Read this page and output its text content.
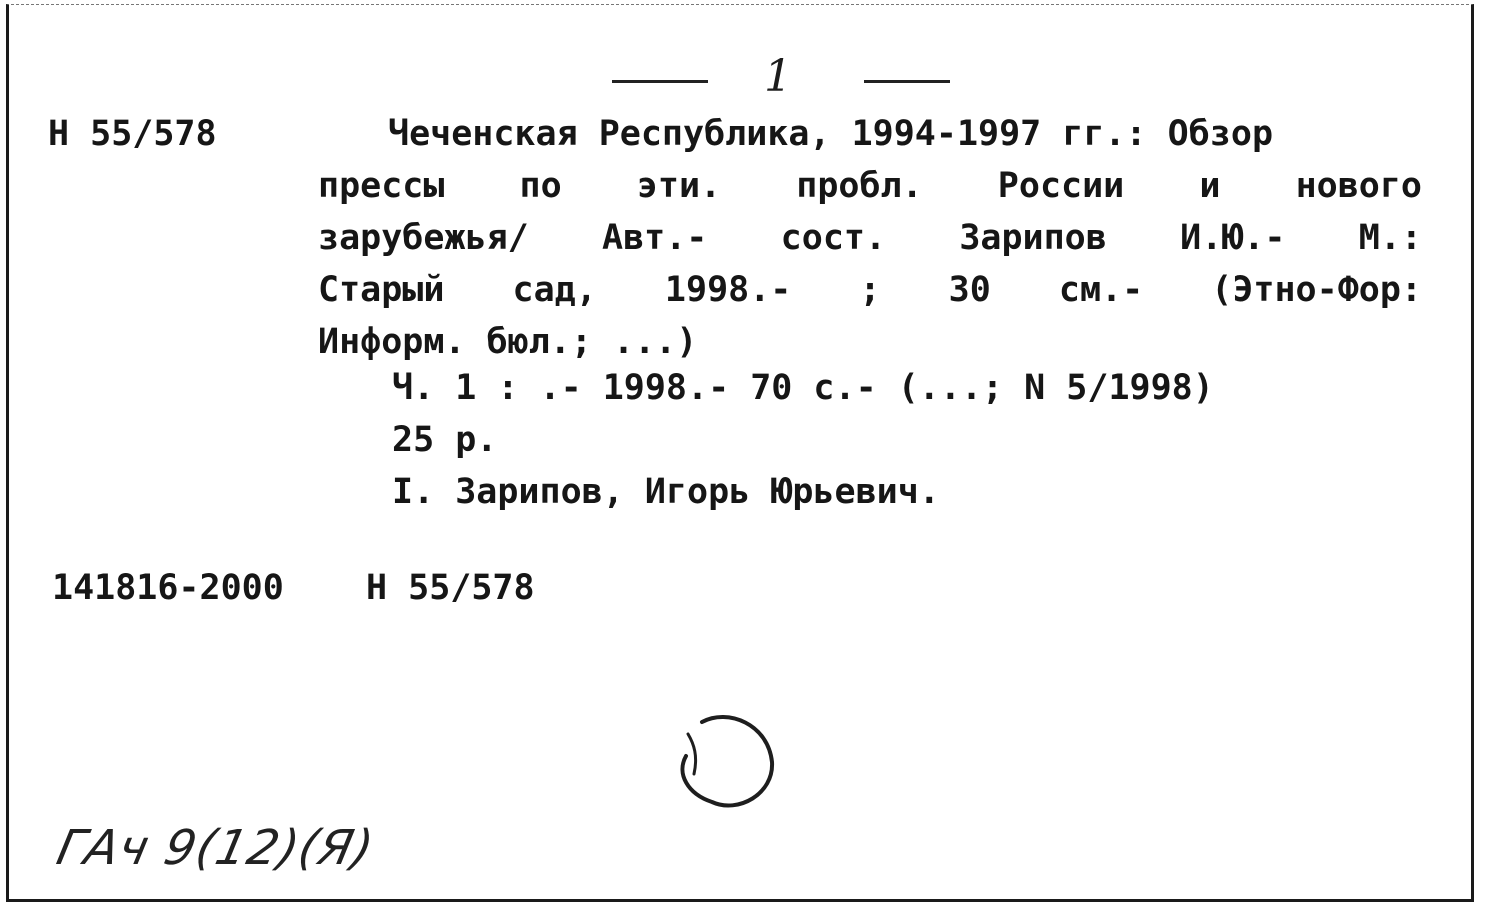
1
Н 55/578	Чеченская Республика, 1994-1997 гг.: Обзор
прессы по эти. пробл. России и нового
зарубежья/ Авт.- сост. Зарипов И.Ю.- М.:
Старый сад, 1998.- ; 30 см.- (Этно-Фор:
Информ. бюл.; ...)
Ч. 1 : .- 1998.- 70 с.- (...; N 5/1998)
25 р.
I. Зарипов, Игорь Юрьевич.
141816-2000 Н 55/578
ГАч 9(12)(Я)
